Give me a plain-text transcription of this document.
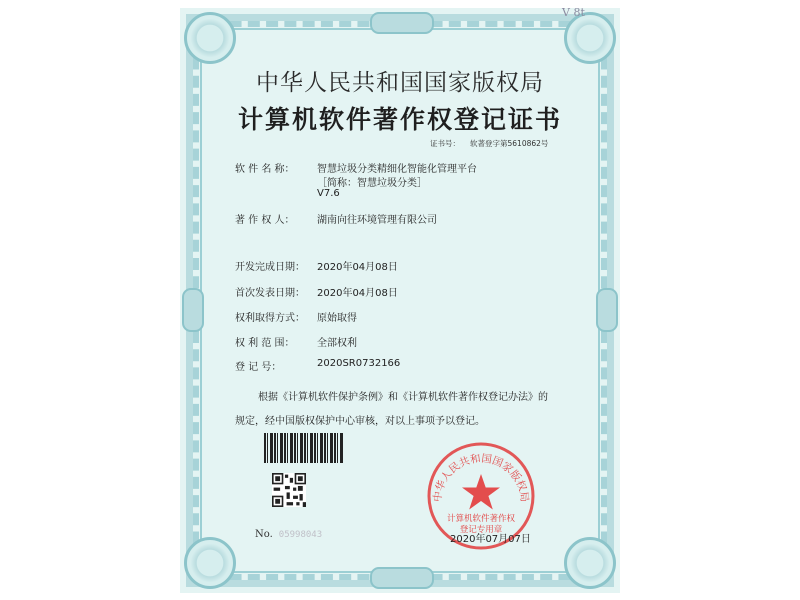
V 8t
中华人民共和国国家版权局
计算机软件著作权登记证书
证书号： 软著登字第5610862号
软 件 名 称： 智慧垃圾分类精细化智能化管理平台
［简称：智慧垃圾分类］
V7.6
著 作 权 人： 湖南向往环境管理有限公司
开发完成日期： 2020年04月08日
首次发表日期： 2020年04月08日
权利取得方式： 原始取得
权 利 范 围： 全部权利
登 记 号：	2020SR0732166
根据《计算机软件保护条例》和《计算机软件著作权登记办法》的
规定，经中国版权保护中心审核，对以上事项予以登记。
No. 05998043
中华人民共和国国家版权局
计算机软件著作权
登记专用章
2020年07月07日
